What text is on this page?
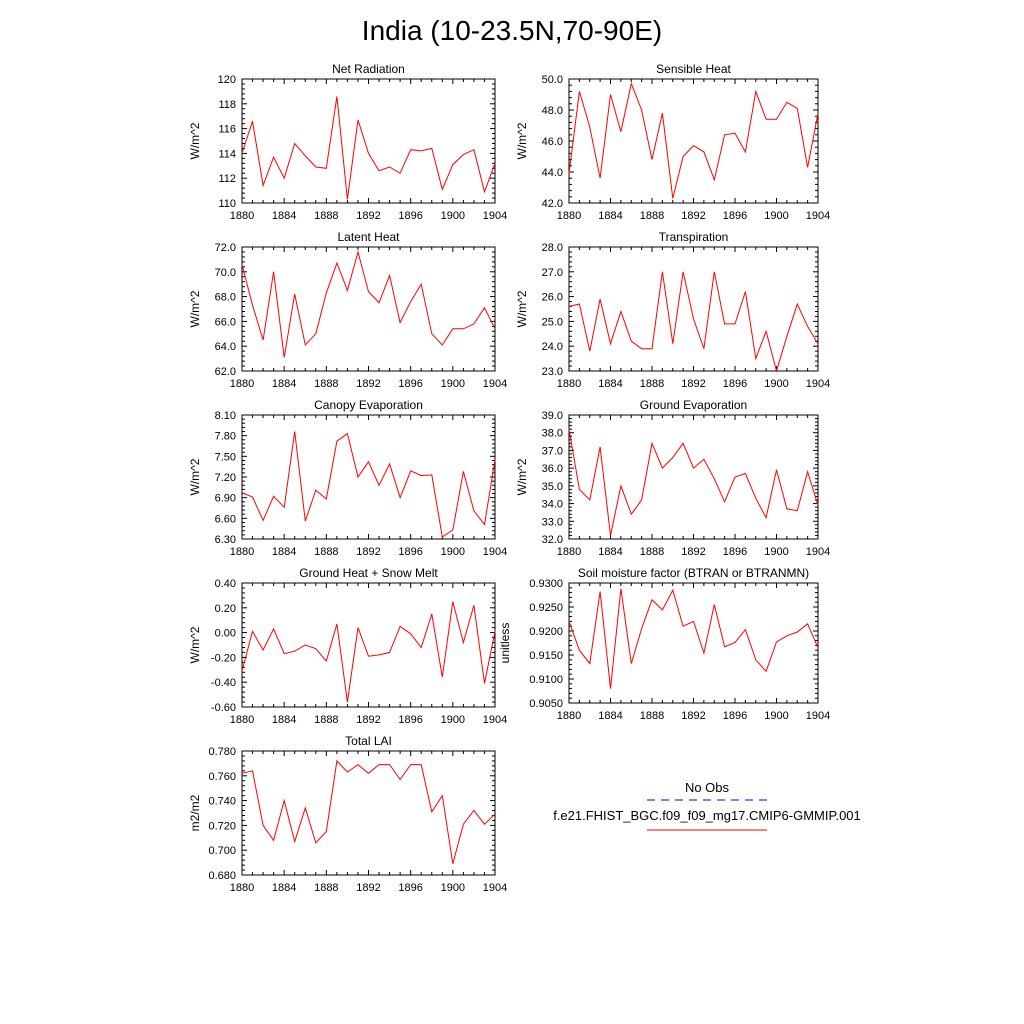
India (10-23.5N,70-90E)
1880 1884 1888 1892 1896 1900 1904
110
112
114
116
118
120
Net Radiation
W/m^2
1880 1884 1888 1892 1896 1900 1904
42.0
44.0
46.0
48.0
50.0
Sensible Heat
W/m^2
1880 1884 1888 1892 1896 1900 1904
62.0
64.0
66.0
68.0
70.0
72.0
Latent Heat
W/m^2
1880 1884 1888 1892 1896 1900 1904
23.0
24.0
25.0
26.0
27.0
28.0
Transpiration
W/m^2
1880 1884 1888 1892 1896 1900 1904
6.30
6.60
6.90
7.20
7.50
7.80
8.10
Canopy Evaporation
W/m^2
1880 1884 1888 1892 1896 1900 1904
32.0
33.0
34.0
35.0
36.0
37.0
38.0
39.0
Ground Evaporation
W/m^2
1880 1884 1888 1892 1896 1900 1904
-0.60
-0.40
-0.20
0.00
0.20
0.40
Ground Heat + Snow Melt
W/m^2
1880 1884 1888 1892 1896 1900 1904
0.9050
0.9100
0.9150
0.9200
0.9250
0.9300
Soil moisture factor (BTRAN or BTRANMN)
unitless
1880 1884 1888 1892 1896 1900 1904
0.680
0.700
0.720
0.740
0.760
0.780
Total LAI
m2/m2
No Obs
f.e21.FHIST_BGC.f09_f09_mg17.CMIP6-GMMIP.001
